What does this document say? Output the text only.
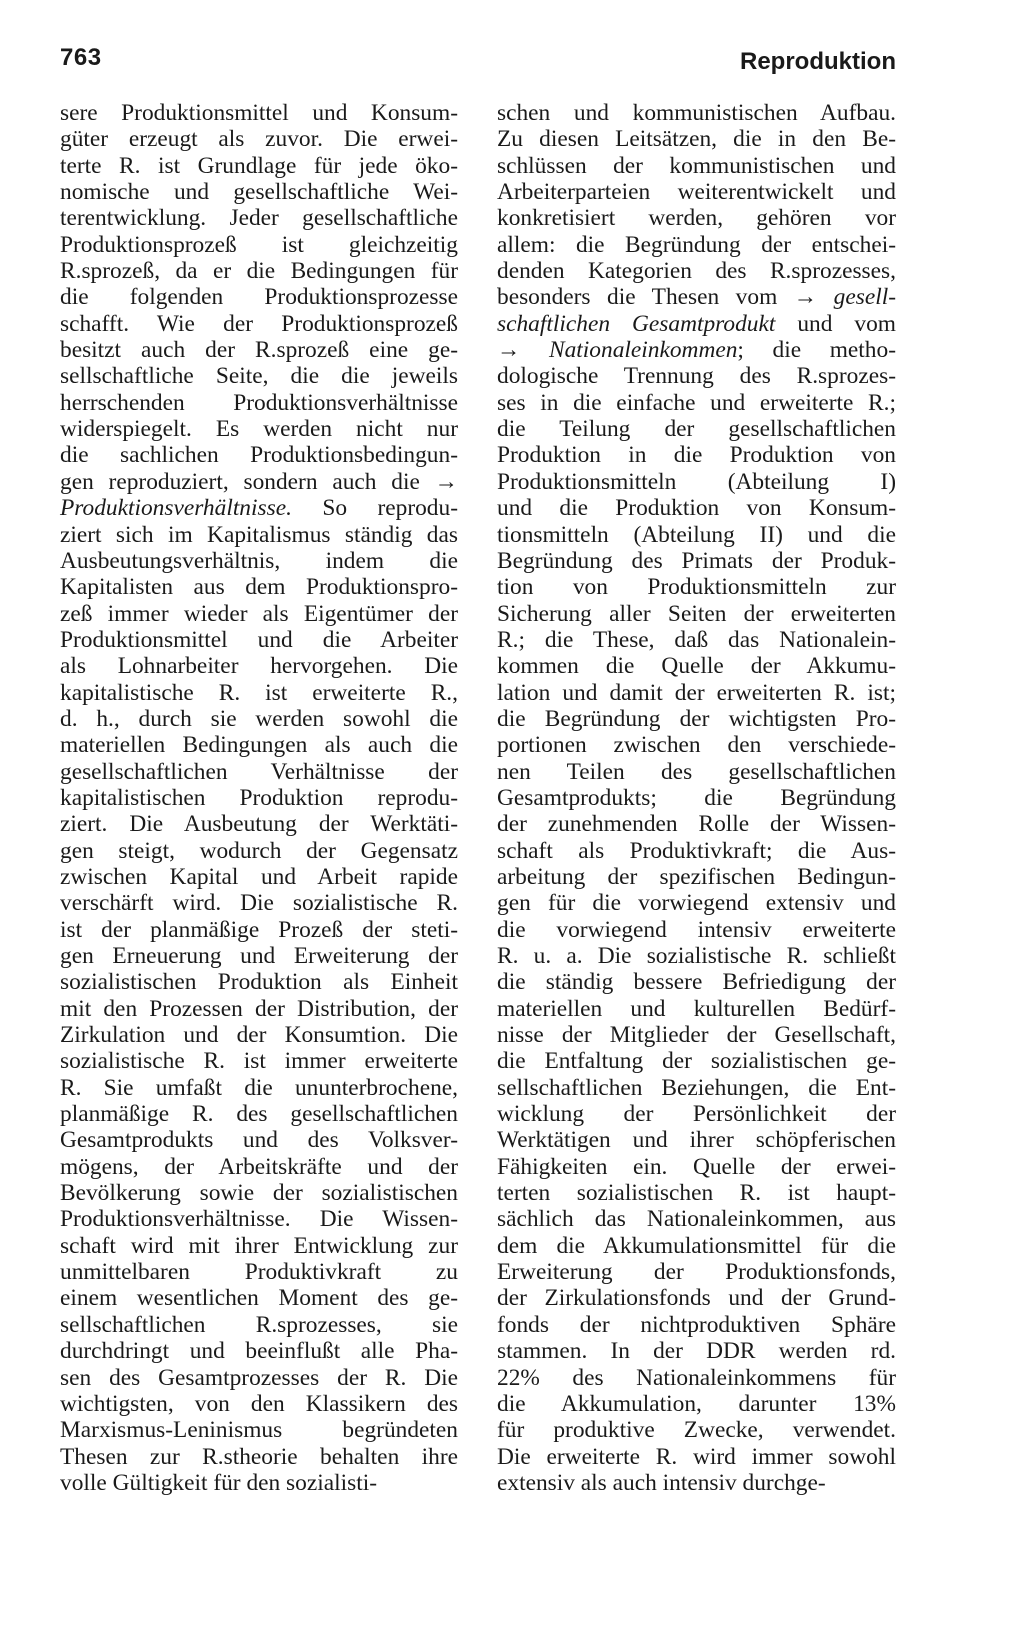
763	Reproduktion
sere Produktionsmittel und Konsum-
güter erzeugt als zuvor. Die erwei-
terte R. ist Grundlage für jede öko-
nomische und gesellschaftliche Wei-
terentwicklung. Jeder gesellschaftliche
Produktionsprozeß ist gleichzeitig
R.sprozeß, da er die Bedingungen für
die folgenden Produktionsprozesse
schafft. Wie der Produktionsprozeß
besitzt auch der R.sprozeß eine ge-
sellschaftliche Seite, die die jeweils
herrschenden Produktionsverhältnisse
widerspiegelt. Es werden nicht nur
die sachlichen Produktionsbedingun-
gen reproduziert, sondern auch die →
Produktionsverhältnisse. So reprodu-
ziert sich im Kapitalismus ständig das
Ausbeutungsverhältnis, indem die
Kapitalisten aus dem Produktionspro-
zeß immer wieder als Eigentümer der
Produktionsmittel und die Arbeiter
als Lohnarbeiter hervorgehen. Die
kapitalistische R. ist erweiterte R.,
d. h., durch sie werden sowohl die
materiellen Bedingungen als auch die
gesellschaftlichen Verhältnisse der
kapitalistischen Produktion reprodu-
ziert. Die Ausbeutung der Werktäti-
gen steigt, wodurch der Gegensatz
zwischen Kapital und Arbeit rapide
verschärft wird. Die sozialistische R.
ist der planmäßige Prozeß der steti-
gen Erneuerung und Erweiterung der
sozialistischen Produktion als Einheit
mit den Prozessen der Distribution, der
Zirkulation und der Konsumtion. Die
sozialistische R. ist immer erweiterte
R. Sie umfaßt die ununterbrochene,
planmäßige R. des gesellschaftlichen
Gesamtprodukts und des Volksver-
mögens, der Arbeitskräfte und der
Bevölkerung sowie der sozialistischen
Produktionsverhältnisse. Die Wissen-
schaft wird mit ihrer Entwicklung zur
unmittelbaren Produktivkraft zu
einem wesentlichen Moment des ge-
sellschaftlichen R.sprozesses, sie
durchdringt und beeinflußt alle Pha-
sen des Gesamtprozesses der R. Die
wichtigsten, von den Klassikern des
Marxismus-Leninismus begründeten
Thesen zur R.stheorie behalten ihre
volle Gültigkeit für den sozialisti-
schen und kommunistischen Aufbau.
Zu diesen Leitsätzen, die in den Be-
schlüssen der kommunistischen und
Arbeiterparteien weiterentwickelt und
konkretisiert werden, gehören vor
allem: die Begründung der entschei-
denden Kategorien des R.sprozesses,
besonders die Thesen vom → gesell-
schaftlichen Gesamtprodukt und vom
→ Nationaleinkommen; die metho-
dologische Trennung des R.sprozes-
ses in die einfache und erweiterte R.;
die Teilung der gesellschaftlichen
Produktion in die Produktion von
Produktionsmitteln (Abteilung I)
und die Produktion von Konsum-
tionsmitteln (Abteilung II) und die
Begründung des Primats der Produk-
tion von Produktionsmitteln zur
Sicherung aller Seiten der erweiterten
R.; die These, daß das Nationalein-
kommen die Quelle der Akkumu-
lation und damit der erweiterten R. ist;
die Begründung der wichtigsten Pro-
portionen zwischen den verschiede-
nen Teilen des gesellschaftlichen
Gesamtprodukts; die Begründung
der zunehmenden Rolle der Wissen-
schaft als Produktivkraft; die Aus-
arbeitung der spezifischen Bedingun-
gen für die vorwiegend extensiv und
die vorwiegend intensiv erweiterte
R. u. a. Die sozialistische R. schließt
die ständig bessere Befriedigung der
materiellen und kulturellen Bedürf-
nisse der Mitglieder der Gesellschaft,
die Entfaltung der sozialistischen ge-
sellschaftlichen Beziehungen, die Ent-
wicklung der Persönlichkeit der
Werktätigen und ihrer schöpferischen
Fähigkeiten ein. Quelle der erwei-
terten sozialistischen R. ist haupt-
sächlich das Nationaleinkommen, aus
dem die Akkumulationsmittel für die
Erweiterung der Produktionsfonds,
der Zirkulationsfonds und der Grund-
fonds der nichtproduktiven Sphäre
stammen. In der DDR werden rd.
22% des Nationaleinkommens für
die Akkumulation, darunter 13%
für produktive Zwecke, verwendet.
Die erweiterte R. wird immer sowohl
extensiv als auch intensiv durchge-
